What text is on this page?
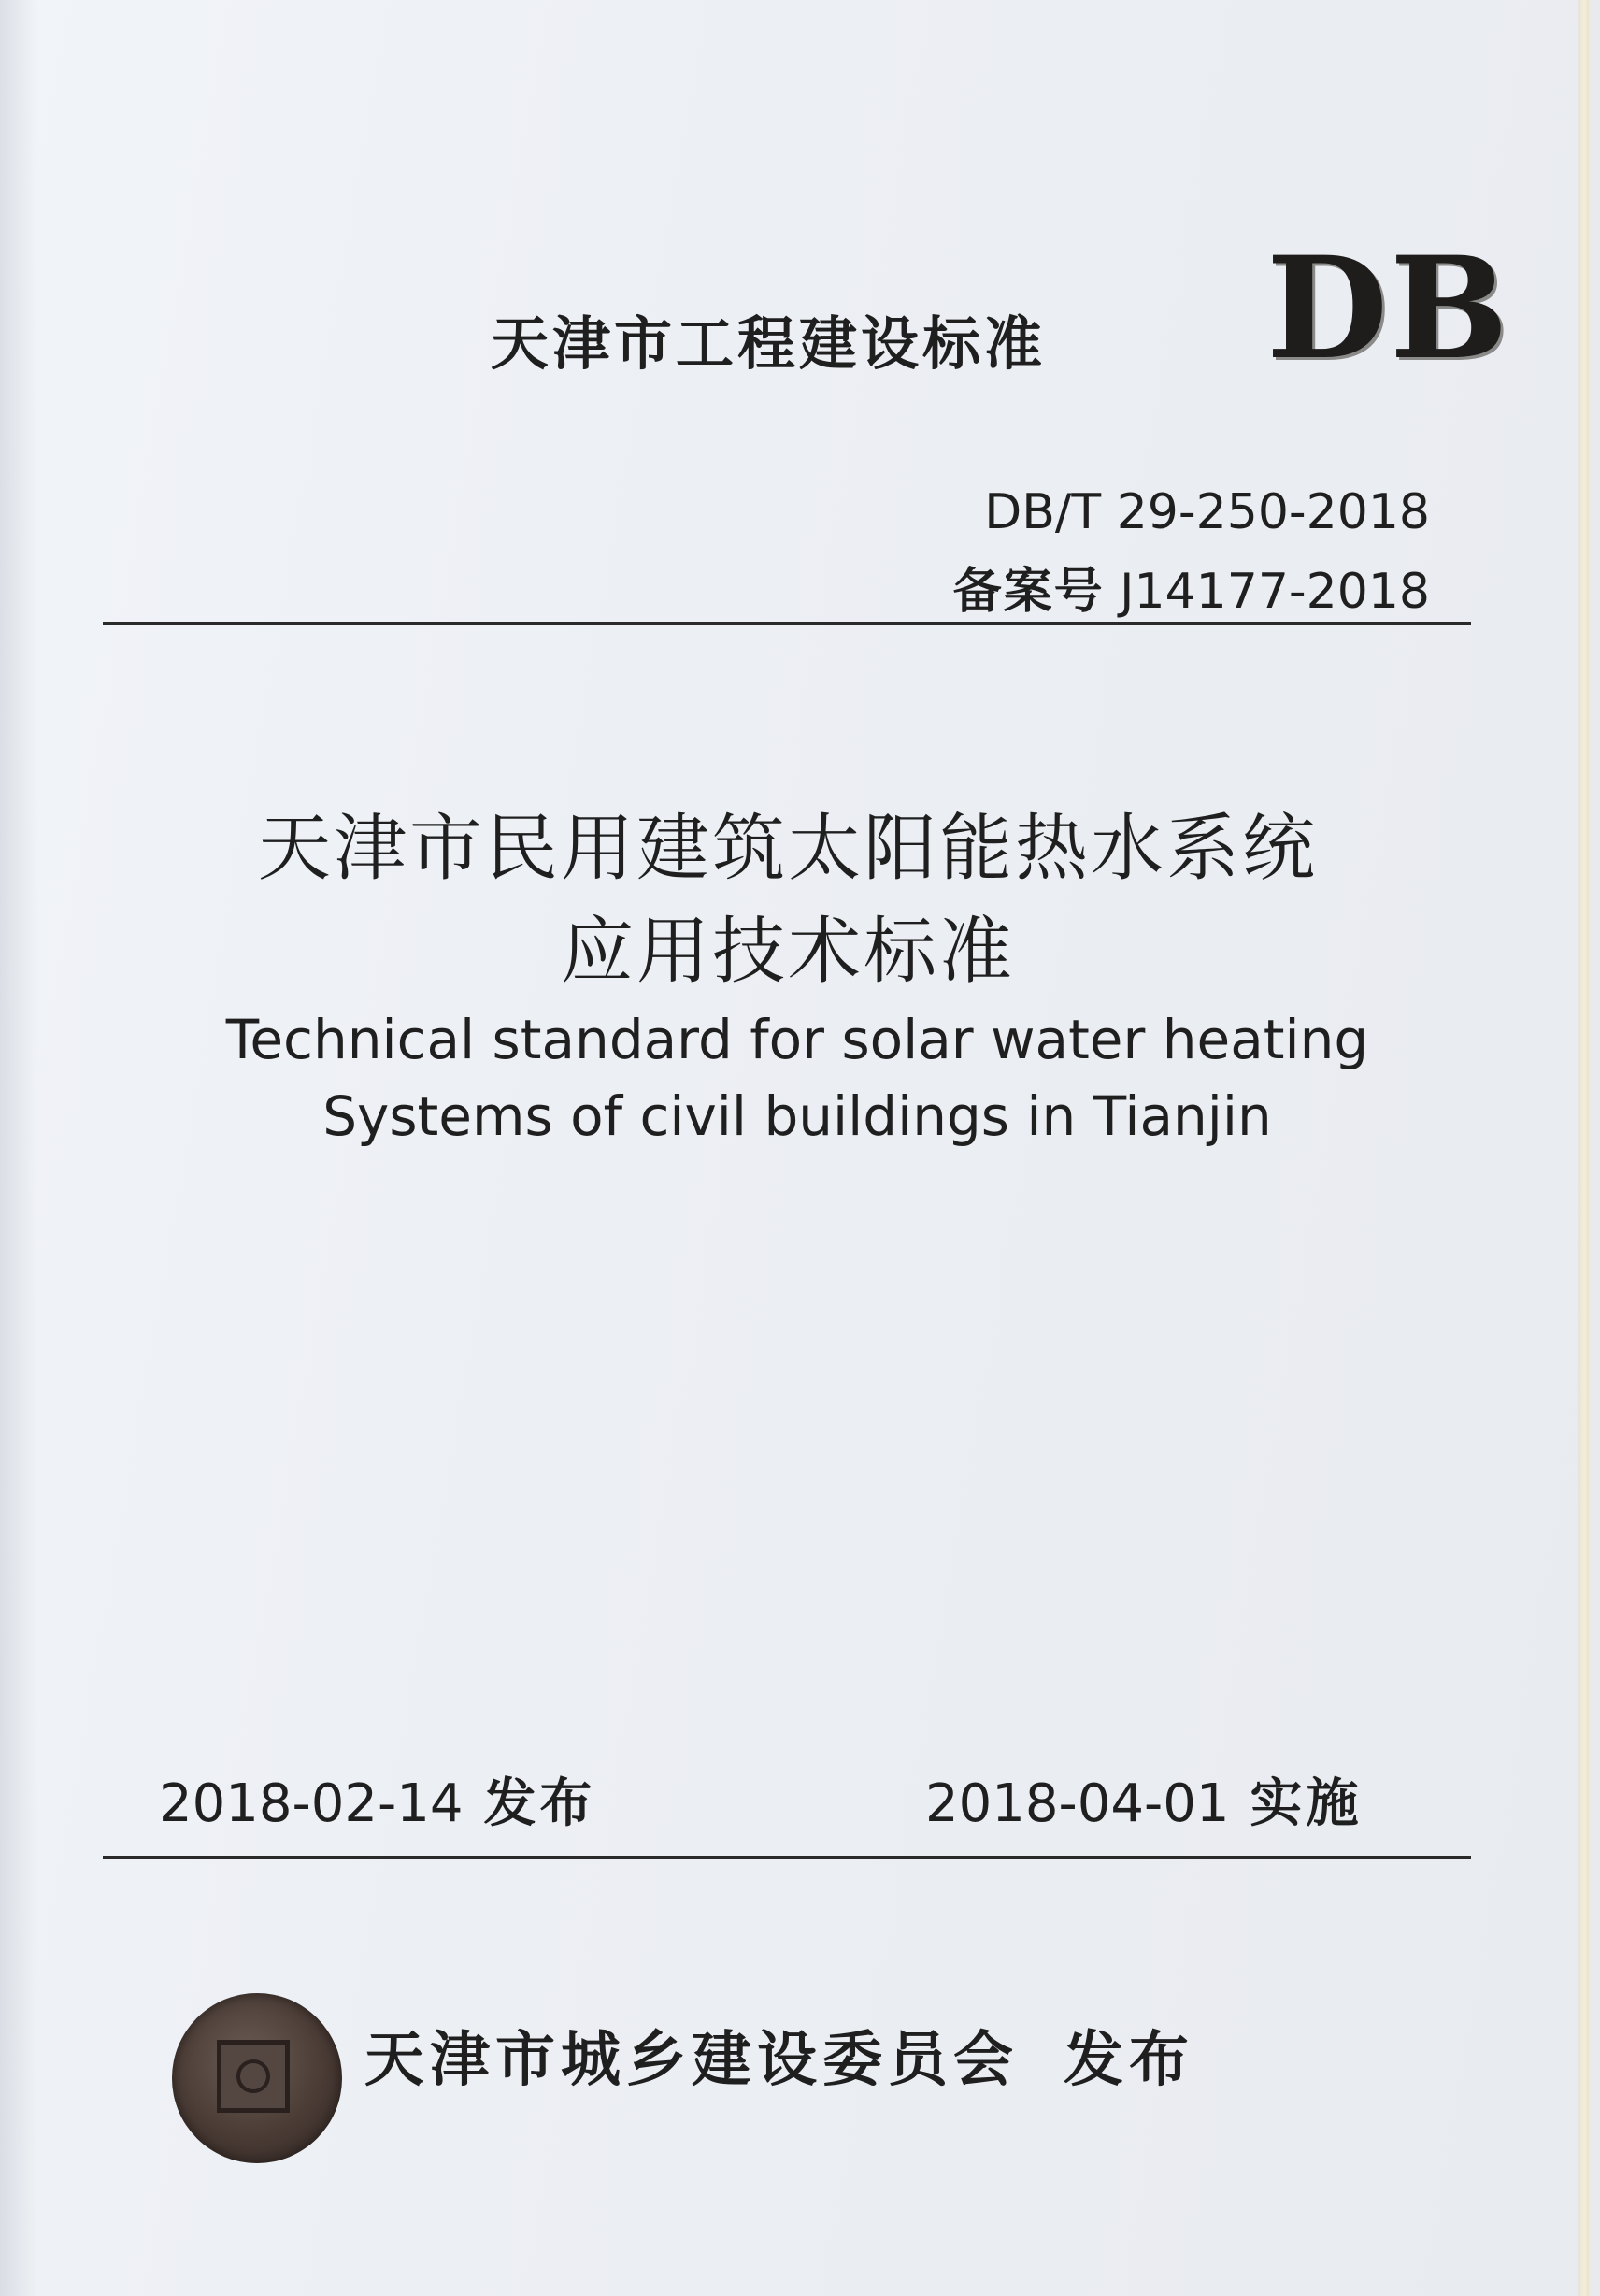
天津市工程建设标准 DB
DB/T 29-250-2018
备案号 J14177-2018
天津市民用建筑太阳能热水系统
应用技术标准
Technical standard for solar water heating
Systems of civil buildings in Tianjin
2018-02-14 发布	2018-04-01 实施
天津市城乡建设委员会 发布
